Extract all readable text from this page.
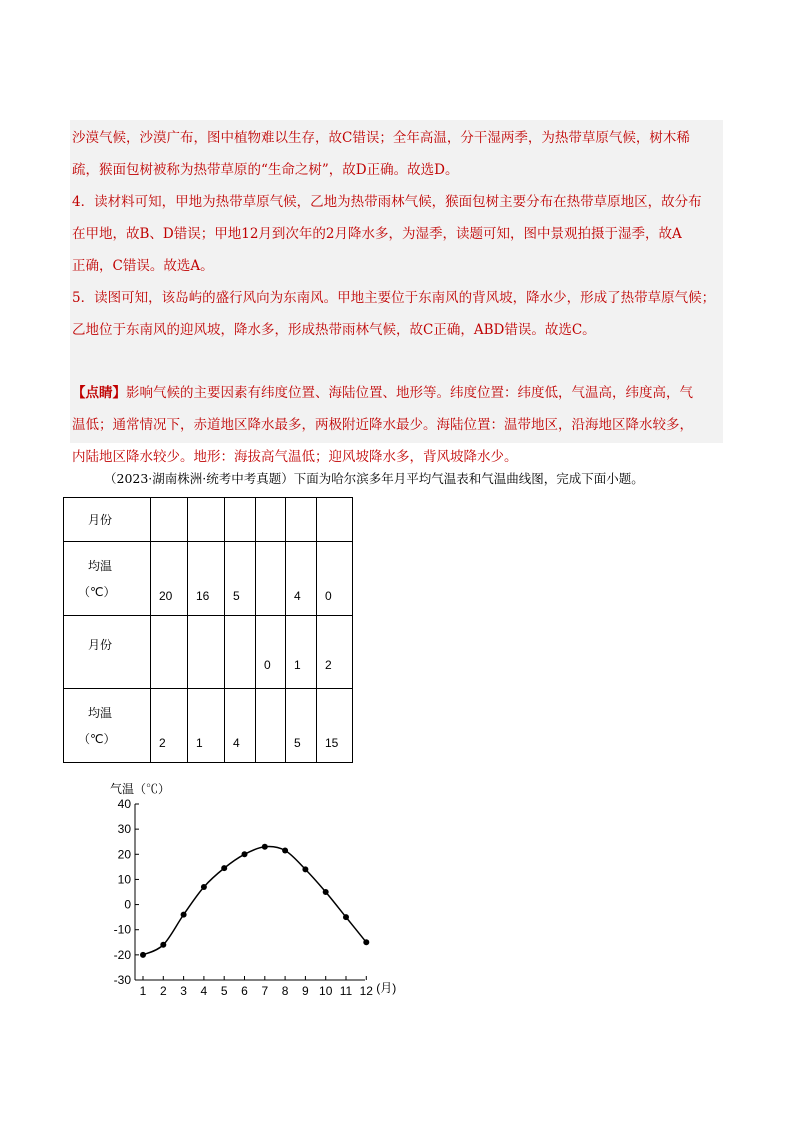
沙漠气候，沙漠广布，图中植物难以生存，故C错误；全年高温，分干湿两季，为热带草原气候，树木稀
疏，猴面包树被称为热带草原的“生命之树”，故D正确。故选D。
4．读材料可知，甲地为热带草原气候，乙地为热带雨林气候，猴面包树主要分布在热带草原地区，故分布
在甲地，故B、D错误；甲地12月到次年的2月降水多，为湿季，读题可知，图中景观拍摄于湿季，故A
正确，C错误。故选A。
5．读图可知，该岛屿的盛行风向为东南风。甲地主要位于东南风的背风坡，降水少，形成了热带草原气候；
乙地位于东南风的迎风坡，降水多，形成热带雨林气候，故C正确，ABD错误。故选C。
【点睛】影响气候的主要因素有纬度位置、海陆位置、地形等。纬度位置：纬度低，气温高，纬度高，气
温低；通常情况下，赤道地区降水最多，两极附近降水最少。海陆位置：温带地区，沿海地区降水较多，
内陆地区降水较少。地形：海拔高气温低；迎风坡降水多，背风坡降水少。
（2023·湖南株洲·统考中考真题）下面为哈尔滨多年月平均气温表和气温曲线图，完成下面小题。
月份						

均温
（℃）	20	16	5		4	0

月份				0	1	2

均温
（℃）	2	1	4		5	15
气温（℃）
-30
-20
-10
0
10
20
30
40
1 2 3 4 5 6 7 8 9 10 11 12 (月)
